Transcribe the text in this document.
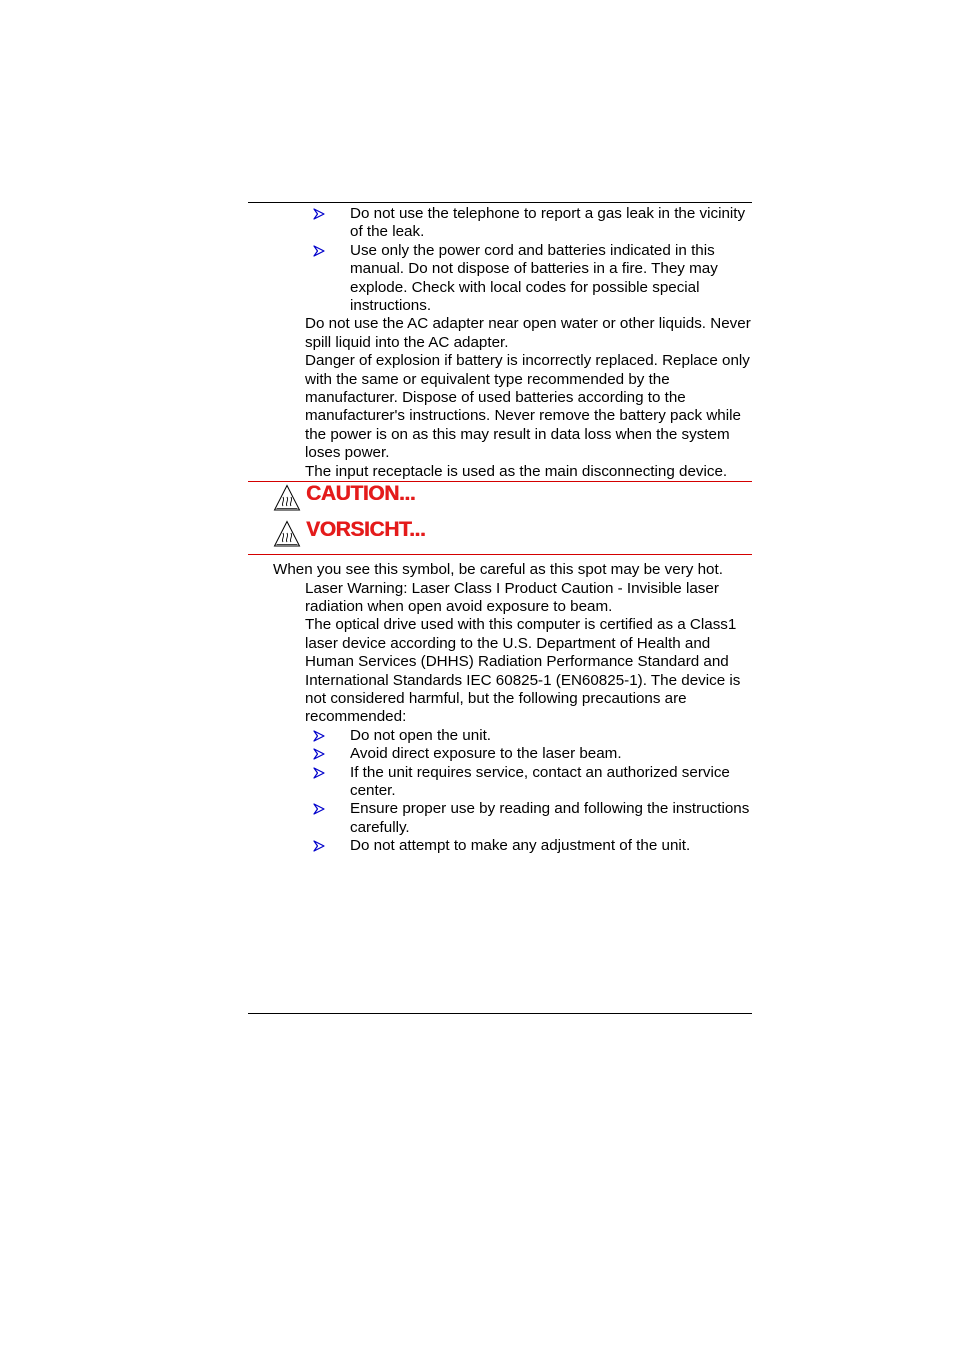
Do not use the telephone to report a gas leak in the vicinity of the leak.
Use only the power cord and batteries indicated in this manual. Do not dispose of batteries in a fire. They may explode. Check with local codes for possible special instructions.
Do not use the AC adapter near open water or other liquids. Never spill liquid into the AC adapter.
Danger of explosion if battery is incorrectly replaced. Replace only with the same or equivalent type recommended by the manufacturer. Dispose of used batteries according to the manufacturer's instructions. Never remove the battery pack while the power is on as this may result in data loss when the system loses power.
The input receptacle is used as the main disconnecting device.
CAUTION...
VORSICHT...
When you see this symbol, be careful as this spot may be very hot.
Laser Warning: Laser Class I Product Caution - Invisible laser radiation when open avoid exposure to beam.
The optical drive used with this computer is certified as a Class1 laser device according to the U.S. Department of Health and Human Services (DHHS) Radiation Performance Standard and International Standards IEC 60825-1 (EN60825-1). The device is not considered harmful, but the following precautions are recommended:
Do not open the unit.
Avoid direct exposure to the laser beam.
If the unit requires service, contact an authorized service center.
Ensure proper use by reading and following the instructions carefully.
Do not attempt to make any adjustment of the unit.
